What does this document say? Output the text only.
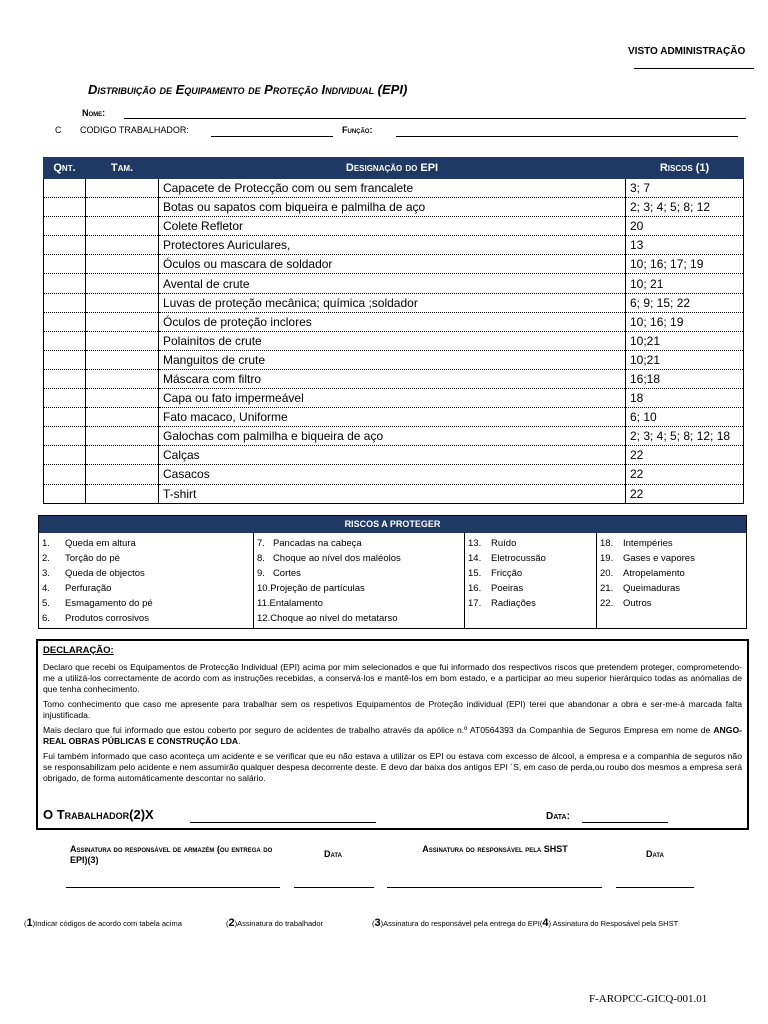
VISTO ADMINISTRAÇÃO
Distribuição de Equipamento de Proteção Individual (EPI)
Nome:
C CODIGO TRABALHADOR:	Função:
Qnt.	Tam.	Designação do EPI	Riscos (1)
		Capacete de Protecção com ou sem francalete	3; 7
		Botas ou sapatos com biqueira e palmilha de aço	2; 3; 4; 5; 8; 12
		Colete Refletor	20
		Protectores Auriculares,	13
		Óculos ou mascara de soldador	10; 16; 17; 19
		Avental de crute	10; 21
		Luvas de proteção mecânica; química ;soldador	6; 9; 15; 22
		Óculos de proteção inclores	10; 16; 19
		Polainitos de crute	10;21
		Manguitos de crute	10;21
		Máscara com filtro	16;18
		Capa ou fato impermeável	18
		Fato macaco, Uniforme	6; 10
		Galochas com palmilha e biqueira de aço	2; 3; 4; 5; 8; 12; 18
		Calças	22
		Casacos	22
		T-shirt	22
RISCOS A PROTEGER
1. Queda em altura
2. Torção do pé
3. Queda de objectos
4. Perfuração
5. Esmagamento do pé
6. Produtos corrosivos
7. Pancadas na cabeça
8. Choque ao nível dos maléolos
9. Cortes
10.Projeção de partículas
11.Entalamento
12.Choque ao nível do metatarso
13. Ruído
14. Eletrocussão
15. Fricção
16. Poeiras
17. Radiações
18. Intempéries
19. Gases e vapores
20. Atropelamento
21. Queimaduras
22. Outros
DECLARAÇÃO:

Declaro que recebi os Equipamentos de Protecção Individual (EPI) acima por mim selecionados e que fui informado dos respectivos riscos que pretendem proteger, comprometendo-me a utilizá-los correctamente de acordo com as instruções recebidas, a conservá-los e mantê-los em bom estado, e a participar ao meu superior hierárquico todas as anómalias de que tenha conhecimento.

Tomo conhecimento que caso me apresente para trabalhar sem os respetivos Equipamentos de Proteção individual (EPI) terei que abandonar a obra e ser-me-á marcada falta injustificada.

Mais declaro que fui informado que estou coberto por seguro de acidentes de trabalho através da apólice n.º AT0564393 da Companhia de Seguros Empresa em nome de ANGO-REAL OBRAS PÚBLICAS E CONSTRUÇÃO LDA.

Fui também informado que caso aconteça um acidente e se verificar que eu não estava a utilizar os EPI ou estava com excesso de álcool, a empresa e a companhia de seguros não se responsabilizam pelo acidente e nem assumirão qualquer despesa decorrente deste. E devo dar baixa dos antigos EPI ´S, em caso de perda,ou roubo dos mesmos a empresa será obrigado, de forma automáticamente descontar no salário.

O Trabalhador(2)X	Data:
Assinatura do responsável de armazém (ou entrega do EPI)(3)
Data	Assinatura do responsável pela SHST	Data
(1)Indicar códigos de acordo com tabela acima	(2)Assinatura do trabalhador	(3)Assinatura do responsável pela entrega do EPI(4) Assinatura do Resposável pela SHST
F-AROPCC-GICQ-001.01
